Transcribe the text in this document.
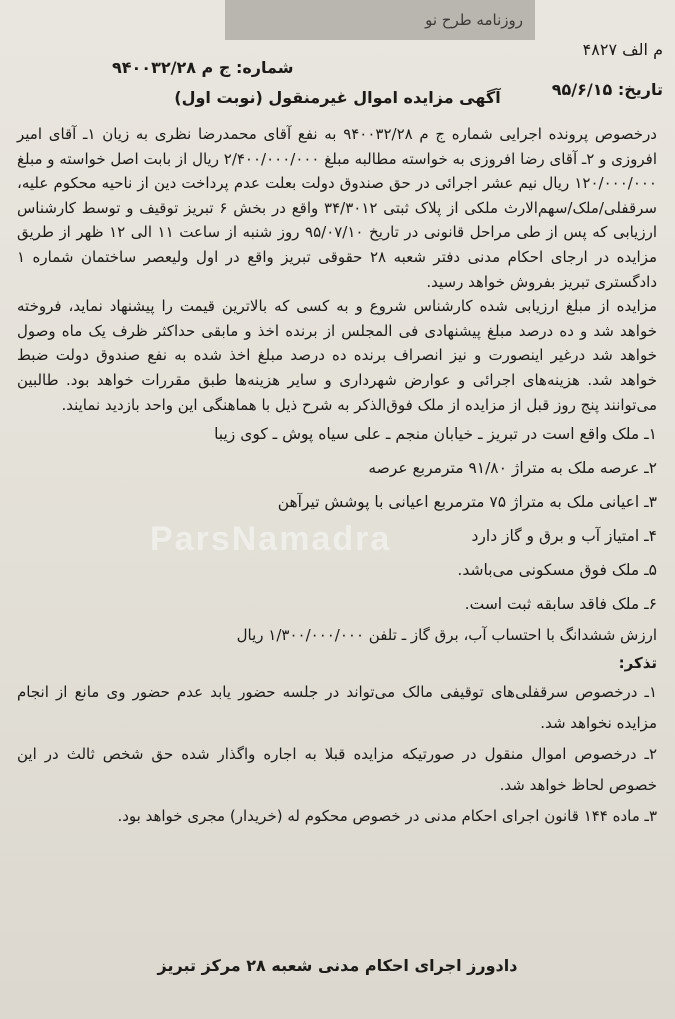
روزنامه طرح نو
م الف ۴۸۲۷
شماره: ج م ۹۴۰۰۳۲/۲۸
تاریخ: ۹۵/۶/۱۵
آگهی مزایده اموال غیرمنقول (نوبت اول)

درخصوص پرونده اجرایی شماره ج م ۹۴۰۰۳۲/۲۸ به نفع آقای محمدرضا نظری به زیان ۱ـ آقای امیر افروزی و ۲ـ آقای رضا افروزی به خواسته مطالبه مبلغ ۲/۴۰۰/۰۰۰/۰۰۰ ریال از بابت اصل خواسته و مبلغ ۱۲۰/۰۰۰/۰۰۰ ریال نیم عشر اجرائی در حق صندوق دولت بعلت عدم پرداخت دین از ناحیه محکوم علیه، سرقفلی/ملک/سهم‌الارث ملکی از پلاک ثبتی ۳۴/۳۰۱۲ واقع در بخش ۶ تبریز توقیف و توسط کارشناس ارزیابی که پس از طی مراحل قانونی در تاریخ ۹۵/۰۷/۱۰ روز شنبه از ساعت ۱۱ الی ۱۲ ظهر از طریق مزایده در ارجای احکام مدنی دفتر شعبه ۲۸ حقوقی تبریز واقع در اول ولیعصر ساختمان شماره ۱ دادگستری تبریز بفروش خواهد رسید.

مزایده از مبلغ ارزیابی شده کارشناس شروع و به کسی که بالاترین قیمت را پیشنهاد نماید، فروخته خواهد شد و ده درصد مبلغ پیشنهادی فی المجلس از برنده اخذ و مابقی حداکثر ظرف یک ماه وصول خواهد شد درغیر اینصورت و نیز انصراف برنده ده درصد مبلغ اخذ شده به نفع صندوق دولت ضبط خواهد شد. هزینه‌های اجرائی و عوارض شهرداری و سایر هزینه‌ها طبق مقررات خواهد بود. طالبین می‌توانند پنج روز قبل از مزایده از ملک فوق‌الذکر به شرح ذیل با هماهنگی این واحد بازدید نمایند.

۱ـ ملک واقع است در تبریز ـ خیابان منجم ـ علی سیاه پوش ـ کوی زیبا
۲ـ عرصه ملک به متراژ ۹۱/۸۰ مترمربع عرصه
۳ـ اعیانی ملک به متراژ ۷۵ مترمربع اعیانی با پوشش تیرآهن
۴ـ امتیاز آب و برق و گاز دارد
۵ـ ملک فوق مسکونی می‌باشد.
۶ـ ملک فاقد سابقه ثبت است.

ارزش ششدانگ با احتساب آب، برق گاز ـ تلفن ۱/۳۰۰/۰۰۰/۰۰۰ ریال

تذکر:

۱ـ درخصوص سرقفلی‌های توقیفی مالک می‌تواند در جلسه حضور یابد عدم حضور وی مانع از انجام مزایده نخواهد شد.
۲ـ درخصوص اموال منقول در صورتیکه مزایده قبلا به اجاره واگذار شده حق شخص ثالث در این خصوص لحاظ خواهد شد.
۳ـ ماده ۱۴۴ قانون اجرای احکام مدنی در خصوص محکوم له (خریدار) مجری خواهد بود.
ParsNamadra
دادورز اجرای احکام مدنی شعبه ۲۸ مرکز تبریز
